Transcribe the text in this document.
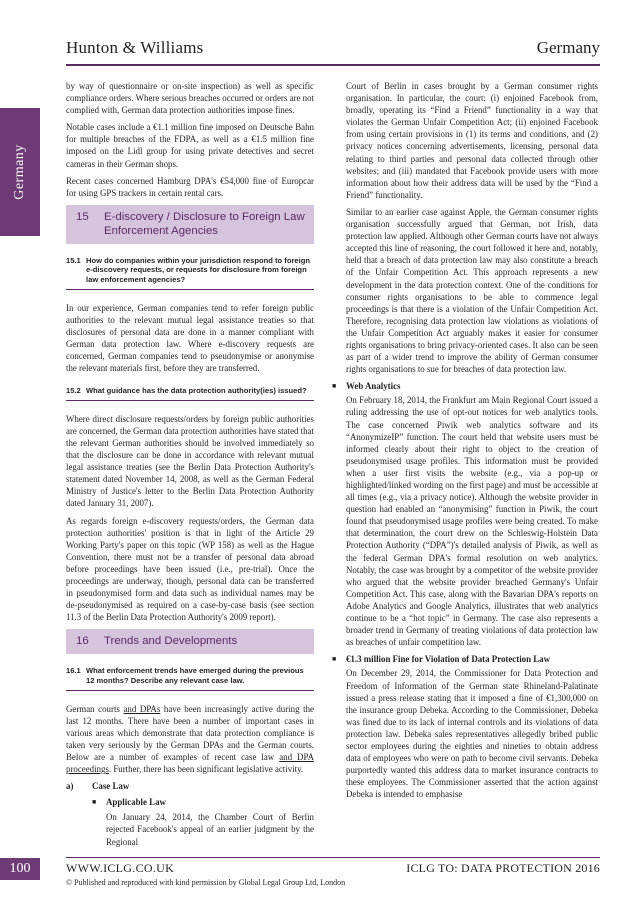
Hunton & Williams	Germany
Germany

by way of questionnaire or on-site inspection) as well as specific compliance orders. Where serious breaches occurred or orders are not complied with, German data protection authorities impose fines.

Notable cases include a €1.1 million fine imposed on Deutsche Bahn for multiple breaches of the FDPA, as well as a €1.5 million fine imposed on the Lidl group for using private detectives and secret cameras in their German shops.

Recent cases concerned Hamburg DPA's €54,000 fine of Europcar for using GPS trackers in certain rental cars.

15	E-discovery / Disclosure to Foreign Law Enforcement Agencies
15.1 How do companies within your jurisdiction respond to foreign e-discovery requests, or requests for disclosure from foreign law enforcement agencies?

In our experience, German companies tend to refer foreign public authorities to the relevant mutual legal assistance treaties so that disclosures of personal data are done in a manner compliant with German data protection law. Where e-discovery requests are concerned, German companies tend to pseudonymise or anonymise the relevant materials first, before they are transferred.

15.2 What guidance has the data protection authority(ies) issued?

Where direct disclosure requests/orders by foreign public authorities are concerned, the German data protection authorities have stated that the relevant German authorities should be involved immediately so that the disclosure can be done in accordance with relevant mutual legal assistance treaties (see the Berlin Data Protection Authority's statement dated November 14, 2008, as well as the German Federal Ministry of Justice's letter to the Berlin Data Protection Authority dated January 31, 2007).

As regards foreign e-discovery requests/orders, the German data protection authorities' position is that in light of the Article 29 Working Party's paper on this topic (WP 158) as well as the Hague Convention, there must not be a transfer of personal data abroad before proceedings have been issued (i.e., pre-trial). Once the proceedings are underway, though, personal data can be transferred in pseudonymised form and data such as individual names may be de-pseudonymised as required on a case-by-case basis (see section 11.3 of the Berlin Data Protection Authority's 2009 report).

16	Trends and Developments
16.1 What enforcement trends have emerged during the previous 12 months? Describe any relevant case law.

German courts and DPAs have been increasingly active during the last 12 months. There have been a number of important cases in various areas which demonstrate that data protection compliance is taken very seriously by the German DPAs and the German courts. Below are a number of examples of recent case law and DPA proceedings. Further, there has been significant legislative activity.

a)	Case Law
■	Applicable Law

On January 24, 2014, the Chamber Court of Berlin rejected Facebook's appeal of an earlier judgment by the Regional

Court of Berlin in cases brought by a German consumer rights organisation. In particular, the court: (i) enjoined Facebook from, broadly, operating its “Find a Friend” functionality in a way that violates the German Unfair Competition Act; (ii) enjoined Facebook from using certain provisions in (1) its terms and conditions, and (2) privacy notices concerning advertisements, licensing, personal data relating to third parties and personal data collected through other websites; and (iii) mandated that Facebook provide users with more information about how their address data will be used by the “Find a Friend” functionality.

Similar to an earlier case against Apple, the German consumer rights organisation successfully argued that German, not Irish, data protection law applied. Although other German courts have not always accepted this line of reasoning, the court followed it here and, notably, held that a breach of data protection law may also constitute a breach of the Unfair Competition Act. This approach represents a new development in the data protection context. One of the conditions for consumer rights organisations to be able to commence legal proceedings is that there is a violation of the Unfair Competition Act. Therefore, recognising data protection law violations as violations of the Unfair Competition Act arguably makes it easier for consumer rights organisations to bring privacy-oriented cases. It also can be seen as part of a wider trend to improve the ability of German consumer rights organisations to sue for breaches of data protection law.

■	Web Analytics

On February 18, 2014, the Frankfurt am Main Regional Court issued a ruling addressing the use of opt-out notices for web analytics tools. The case concerned Piwik web analytics software and its “AnonymizeIP” function. The court held that website users must be informed clearly about their right to object to the creation of pseudonymised usage profiles. This information must be provided when a user first visits the website (e.g., via a pop-up or highlighted/linked wording on the first page) and must be accessible at all times (e.g., via a privacy notice). Although the website provider in question had enabled an “anonymising” function in Piwik, the court found that pseudonymised usage profiles were being created. To make that determination, the court drew on the Schleswig-Holstein Data Protection Authority (“DPA”)'s detailed analysis of Piwik, as well as the federal German DPA's formal resolution on web analytics. Notably, the case was brought by a competitor of the website provider who argued that the website provider breached Germany's Unfair Competition Act. This case, along with the Bavarian DPA's reports on Adobe Analytics and Google Analytics, illustrates that web analytics continue to be a “hot topic” in Germany. The case also represents a broader trend in Germany of treating violations of data protection law as breaches of unfair competition law.

■	€1.3 million Fine for Violation of Data Protection Law

On December 29, 2014, the Commissioner for Data Protection and Freedom of Information of the German state Rhineland-Palatinate issued a press release stating that it imposed a fine of €1,300,000 on the insurance group Debeka. According to the Commissioner, Debeka was fined due to its lack of internal controls and its violations of data protection law. Debeka sales representatives allegedly bribed public sector employees during the eighties and nineties to obtain address data of employees who were on path to become civil servants. Debeka purportedly wanted this address data to market insurance contracts to these employees. The Commissioner asserted that the action against Debeka is intended to emphasise

100	WWW.ICLG.CO.UK	ICLG TO: DATA PROTECTION 2016
© Published and reproduced with kind permission by Global Legal Group Ltd, London
